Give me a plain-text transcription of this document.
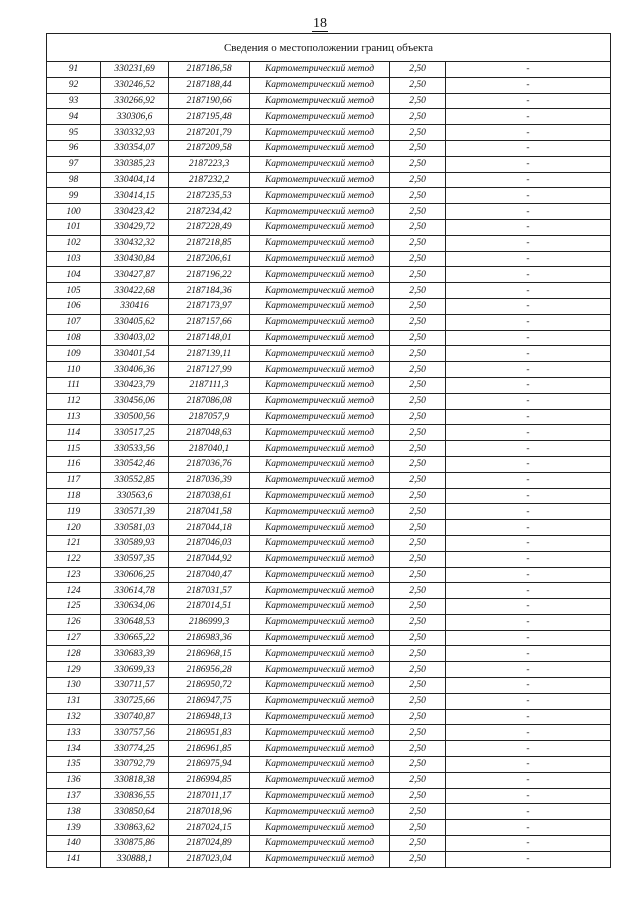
18
Сведения о местоположении границ объекта					
91	330231,69	2187186,58	Картометрический метод	2,50	-
92	330246,52	2187188,44	Картометрический метод	2,50	-
93	330266,92	2187190,66	Картометрический метод	2,50	-
94	330306,6	2187195,48	Картометрический метод	2,50	-
95	330332,93	2187201,79	Картометрический метод	2,50	-
96	330354,07	2187209,58	Картометрический метод	2,50	-
97	330385,23	2187223,3	Картометрический метод	2,50	-
98	330404,14	2187232,2	Картометрический метод	2,50	-
99	330414,15	2187235,53	Картометрический метод	2,50	-
100	330423,42	2187234,42	Картометрический метод	2,50	-
101	330429,72	2187228,49	Картометрический метод	2,50	-
102	330432,32	2187218,85	Картометрический метод	2,50	-
103	330430,84	2187206,61	Картометрический метод	2,50	-
104	330427,87	2187196,22	Картометрический метод	2,50	-
105	330422,68	2187184,36	Картометрический метод	2,50	-
106	330416	2187173,97	Картометрический метод	2,50	-
107	330405,62	2187157,66	Картометрический метод	2,50	-
108	330403,02	2187148,01	Картометрический метод	2,50	-
109	330401,54	2187139,11	Картометрический метод	2,50	-
110	330406,36	2187127,99	Картометрический метод	2,50	-
111	330423,79	2187111,3	Картометрический метод	2,50	-
112	330456,06	2187086,08	Картометрический метод	2,50	-
113	330500,56	2187057,9	Картометрический метод	2,50	-
114	330517,25	2187048,63	Картометрический метод	2,50	-
115	330533,56	2187040,1	Картометрический метод	2,50	-
116	330542,46	2187036,76	Картометрический метод	2,50	-
117	330552,85	2187036,39	Картометрический метод	2,50	-
118	330563,6	2187038,61	Картометрический метод	2,50	-
119	330571,39	2187041,58	Картометрический метод	2,50	-
120	330581,03	2187044,18	Картометрический метод	2,50	-
121	330589,93	2187046,03	Картометрический метод	2,50	-
122	330597,35	2187044,92	Картометрический метод	2,50	-
123	330606,25	2187040,47	Картометрический метод	2,50	-
124	330614,78	2187031,57	Картометрический метод	2,50	-
125	330634,06	2187014,51	Картометрический метод	2,50	-
126	330648,53	2186999,3	Картометрический метод	2,50	-
127	330665,22	2186983,36	Картометрический метод	2,50	-
128	330683,39	2186968,15	Картометрический метод	2,50	-
129	330699,33	2186956,28	Картометрический метод	2,50	-
130	330711,57	2186950,72	Картометрический метод	2,50	-
131	330725,66	2186947,75	Картометрический метод	2,50	-
132	330740,87	2186948,13	Картометрический метод	2,50	-
133	330757,56	2186951,83	Картометрический метод	2,50	-
134	330774,25	2186961,85	Картометрический метод	2,50	-
135	330792,79	2186975,94	Картометрический метод	2,50	-
136	330818,38	2186994,85	Картометрический метод	2,50	-
137	330836,55	2187011,17	Картометрический метод	2,50	-
138	330850,64	2187018,96	Картометрический метод	2,50	-
139	330863,62	2187024,15	Картометрический метод	2,50	-
140	330875,86	2187024,89	Картометрический метод	2,50	-
141	330888,1	2187023,04	Картометрический метод	2,50	-
